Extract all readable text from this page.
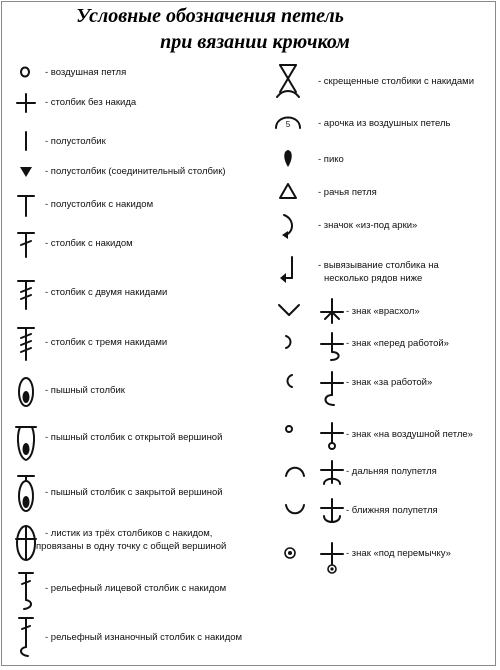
Условные обозначения петель
при вязании крючком
- воздушная петля
- столбик без накида
- полустолбик
- полустолбик (соединительный столбик)
- полустолбик с накидом
- столбик с накидом
- столбик с двумя накидами
- столбик с тремя накидами
- пышный столбик
- пышный столбик с открытой вершиной
- пышный столбик с закрытой вершиной
- листик из трёх столбиков с накидом,
провязаны в одну точку с общей вершиной
- рельефный лицевой столбик с накидом
- рельефный изнаночный столбик с накидом
- скрещенные столбики с накидами
5	- арочка из воздушных петель
- пико
- рачья петля
- значок «из-под арки»
- вывязывание столбика на
несколько рядов ниже
- знак «врасхол»
- знак «перед работой»
- знак «за работой»
- знак «на воздушной петле»
- дальняя полупетля
- ближняя полупетля
- знак «под перемычку»
